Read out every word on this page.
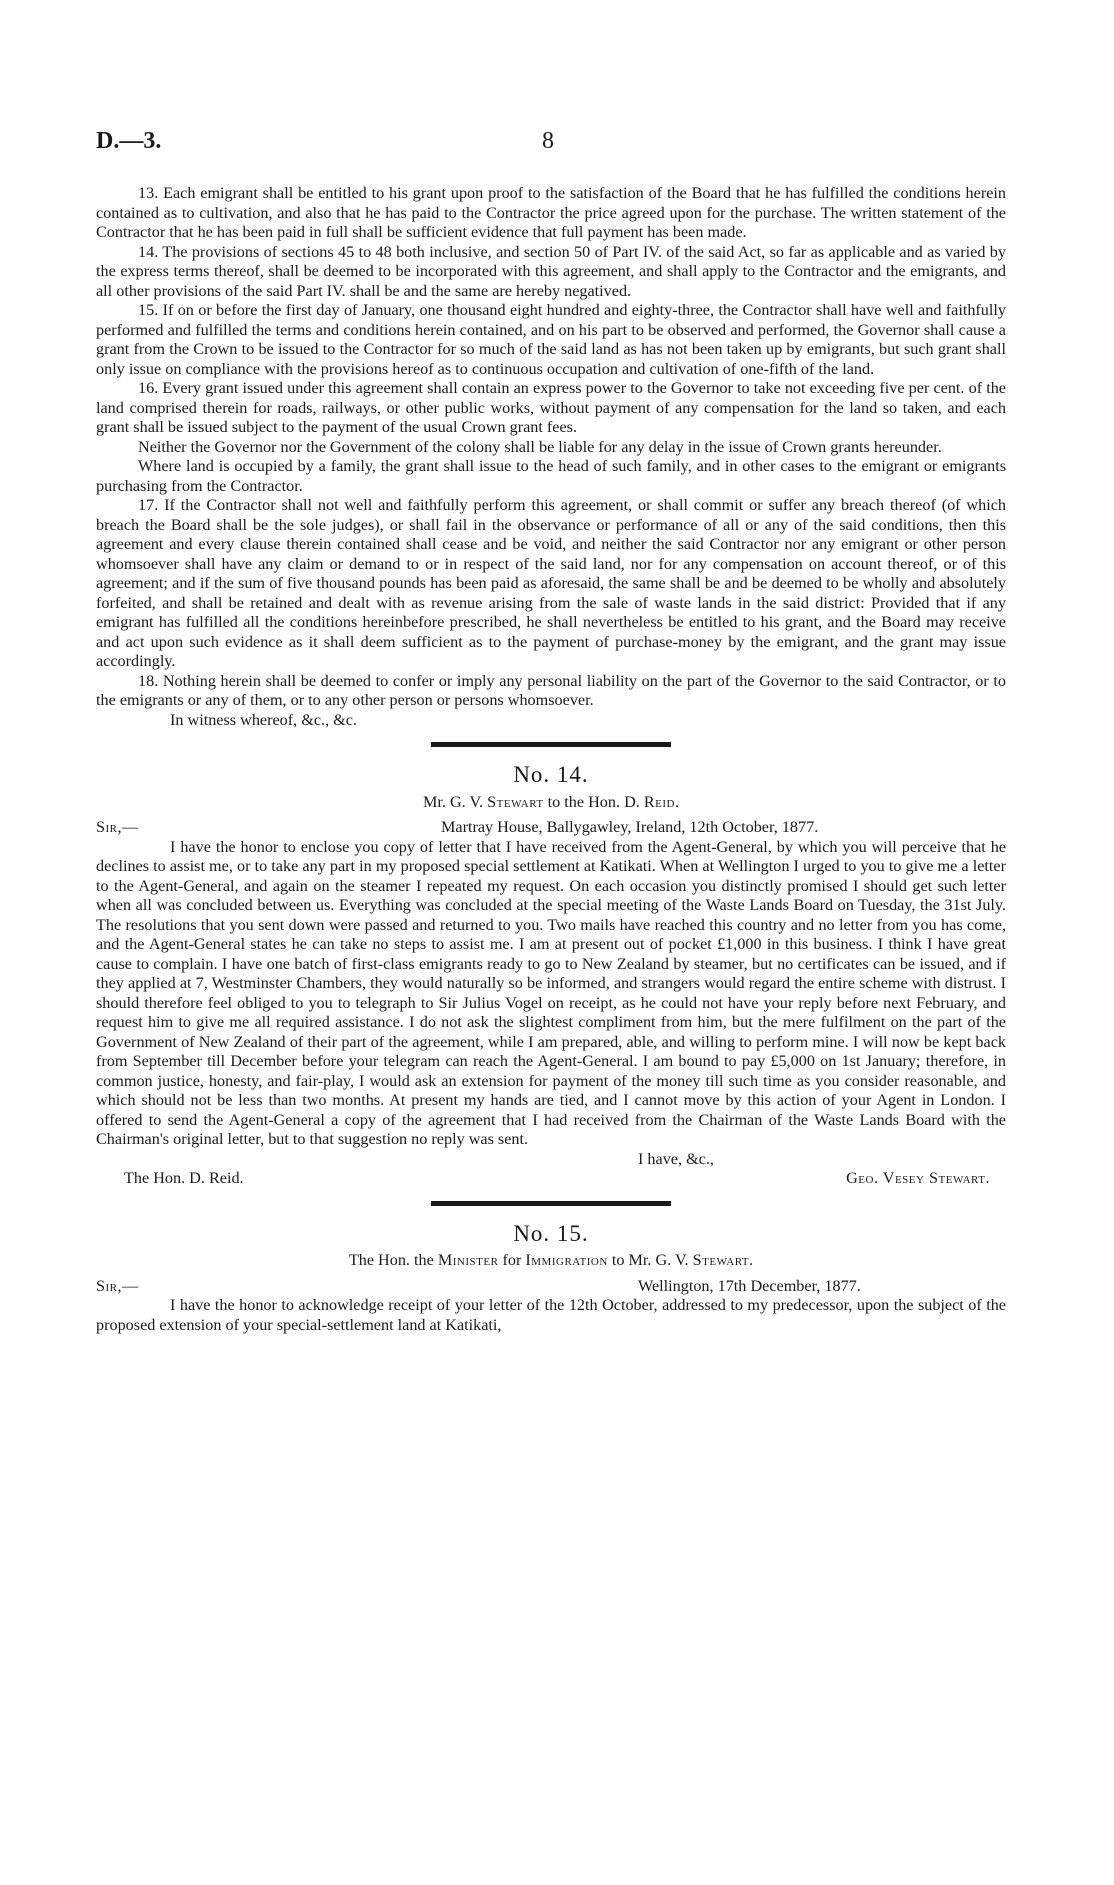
D.—3.	8

13. Each emigrant shall be entitled to his grant upon proof to the satisfaction of the Board that he has fulfilled the conditions herein contained as to cultivation, and also that he has paid to the Contractor the price agreed upon for the purchase. The written statement of the Contractor that he has been paid in full shall be sufficient evidence that full payment has been made.

14. The provisions of sections 45 to 48 both inclusive, and section 50 of Part IV. of the said Act, so far as applicable and as varied by the express terms thereof, shall be deemed to be incorporated with this agreement, and shall apply to the Contractor and the emigrants, and all other provisions of the said Part IV. shall be and the same are hereby negatived.

15. If on or before the first day of January, one thousand eight hundred and eighty-three, the Contractor shall have well and faithfully performed and fulfilled the terms and conditions herein contained, and on his part to be observed and performed, the Governor shall cause a grant from the Crown to be issued to the Contractor for so much of the said land as has not been taken up by emigrants, but such grant shall only issue on compliance with the provisions hereof as to continuous occupation and cultivation of one-fifth of the land.

16. Every grant issued under this agreement shall contain an express power to the Governor to take not exceeding five per cent. of the land comprised therein for roads, railways, or other public works, without payment of any compensation for the land so taken, and each grant shall be issued subject to the payment of the usual Crown grant fees.

Neither the Governor nor the Government of the colony shall be liable for any delay in the issue of Crown grants hereunder.

Where land is occupied by a family, the grant shall issue to the head of such family, and in other cases to the emigrant or emigrants purchasing from the Contractor.

17. If the Contractor shall not well and faithfully perform this agreement, or shall commit or suffer any breach thereof (of which breach the Board shall be the sole judges), or shall fail in the observance or performance of all or any of the said conditions, then this agreement and every clause therein contained shall cease and be void, and neither the said Contractor nor any emigrant or other person whomsoever shall have any claim or demand to or in respect of the said land, nor for any compensation on account thereof, or of this agreement; and if the sum of five thousand pounds has been paid as aforesaid, the same shall be and be deemed to be wholly and absolutely forfeited, and shall be retained and dealt with as revenue arising from the sale of waste lands in the said district: Provided that if any emigrant has fulfilled all the conditions hereinbefore prescribed, he shall nevertheless be entitled to his grant, and the Board may receive and act upon such evidence as it shall deem sufficient as to the payment of purchase-money by the emigrant, and the grant may issue accordingly.

18. Nothing herein shall be deemed to confer or imply any personal liability on the part of the Governor to the said Contractor, or to the emigrants or any of them, or to any other person or persons whomsoever.

In witness whereof, &c., &c.

No. 14.

Mr. G. V. Stewart to the Hon. D. Reid.

Sir,—	Martray House, Ballygawley, Ireland, 12th October, 1877.

I have the honor to enclose you copy of letter that I have received from the Agent-General, by which you will perceive that he declines to assist me, or to take any part in my proposed special settlement at Katikati. When at Wellington I urged to you to give me a letter to the Agent-General, and again on the steamer I repeated my request. On each occasion you distinctly promised I should get such letter when all was concluded between us. Everything was concluded at the special meeting of the Waste Lands Board on Tuesday, the 31st July. The resolutions that you sent down were passed and returned to you. Two mails have reached this country and no letter from you has come, and the Agent-General states he can take no steps to assist me. I am at present out of pocket £1,000 in this business. I think I have great cause to complain. I have one batch of first-class emigrants ready to go to New Zealand by steamer, but no certificates can be issued, and if they applied at 7, Westminster Chambers, they would naturally so be informed, and strangers would regard the entire scheme with distrust. I should therefore feel obliged to you to telegraph to Sir Julius Vogel on receipt, as he could not have your reply before next February, and request him to give me all required assistance. I do not ask the slightest compliment from him, but the mere fulfilment on the part of the Government of New Zealand of their part of the agreement, while I am prepared, able, and willing to perform mine. I will now be kept back from September till December before your telegram can reach the Agent-General. I am bound to pay £5,000 on 1st January; therefore, in common justice, honesty, and fair-play, I would ask an extension for payment of the money till such time as you consider reasonable, and which should not be less than two months. At present my hands are tied, and I cannot move by this action of your Agent in London. I offered to send the Agent-General a copy of the agreement that I had received from the Chairman of the Waste Lands Board with the Chairman's original letter, but to that suggestion no reply was sent.

I have, &c.,
The Hon. D. Reid.	Geo. Vesey Stewart.

No. 15.

The Hon. the Minister for Immigration to Mr. G. V. Stewart.

Sir,—	Wellington, 17th December, 1877.

I have the honor to acknowledge receipt of your letter of the 12th October, addressed to my predecessor, upon the subject of the proposed extension of your special-settlement land at Katikati,
